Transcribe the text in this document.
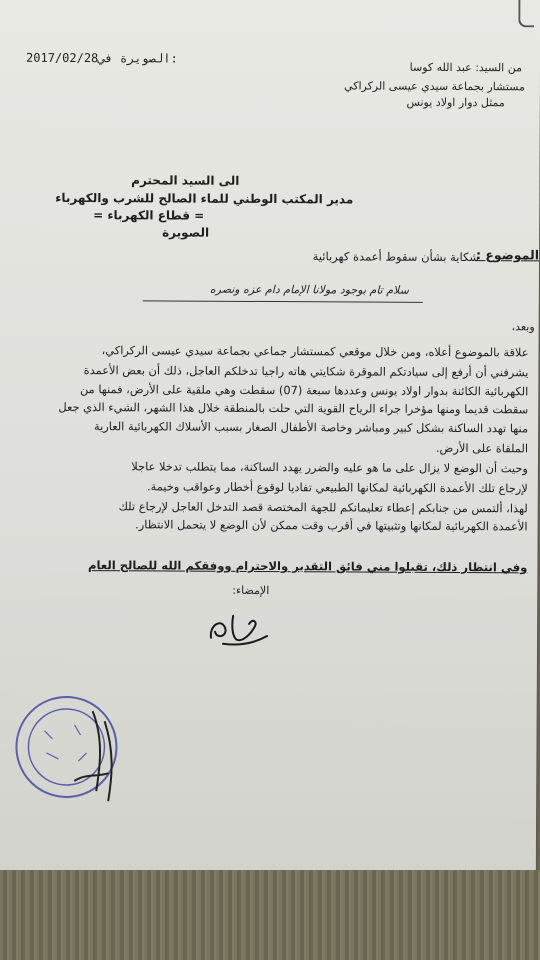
2017/02/28الصويرة في:
من السيد: عبد الله كوسا
مستشار بجماعة سيدي عيسى الركراكي
ممثل دوار اولاد يونس
الى السيد المحترم
مدير المكتب الوطني للماء الصالح للشرب والكهرباء
= قطاع الكهرباء =
الصويرة
الموضوع :
شكاية بشأن سقوط أعمدة كهربائية
سلام تام بوجود مولانا الإمام دام عزه ونصره
وبعد،
علاقة بالموضوع أعلاه، ومن خلال موقعي كمستشار جماعي بجماعة سيدي عيسى الركراكي،
يشرفني أن أرفع إلى سيادتكم الموقرة شكايتي هاته راجيا تدخلكم العاجل، ذلك أن بعض الأعمدة
الكهربائية الكائنة بدوار اولاد يونس وعددها سبعة (07) سقطت وهي ملقية على الأرض، فمنها من
سقطت قديما ومنها مؤخرا جراء الرياح القوية التي حلت بالمنطقة خلال هذا الشهر، الشيء الذي جعل
منها تهدد الساكنة بشكل كبير ومباشر وخاصة الأطفال الصغار بسبب الأسلاك الكهربائية العارية
الملقاة على الأرض.
وحيث أن الوضع لا يزال على ما هو عليه والضرر يهدد الساكنة، مما يتطلب تدخلا عاجلا
لإرجاع تلك الأعمدة الكهربائية لمكانها الطبيعي تفاديا لوقوع أخطار وعواقب وخيمة.
لهذا، ألتمس من جنابكم إعطاء تعليماتكم للجهة المختصة قصد التدخل العاجل لإرجاع تلك
الأعمدة الكهربائية لمكانها وتثبيتها في أقرب وقت ممكن لأن الوضع لا يتحمل الانتظار.
وفي انتظار ذلك، تقبلوا مني فائق التقدير والاحترام ووفقكم الله للصالح العام
الإمضاء:
